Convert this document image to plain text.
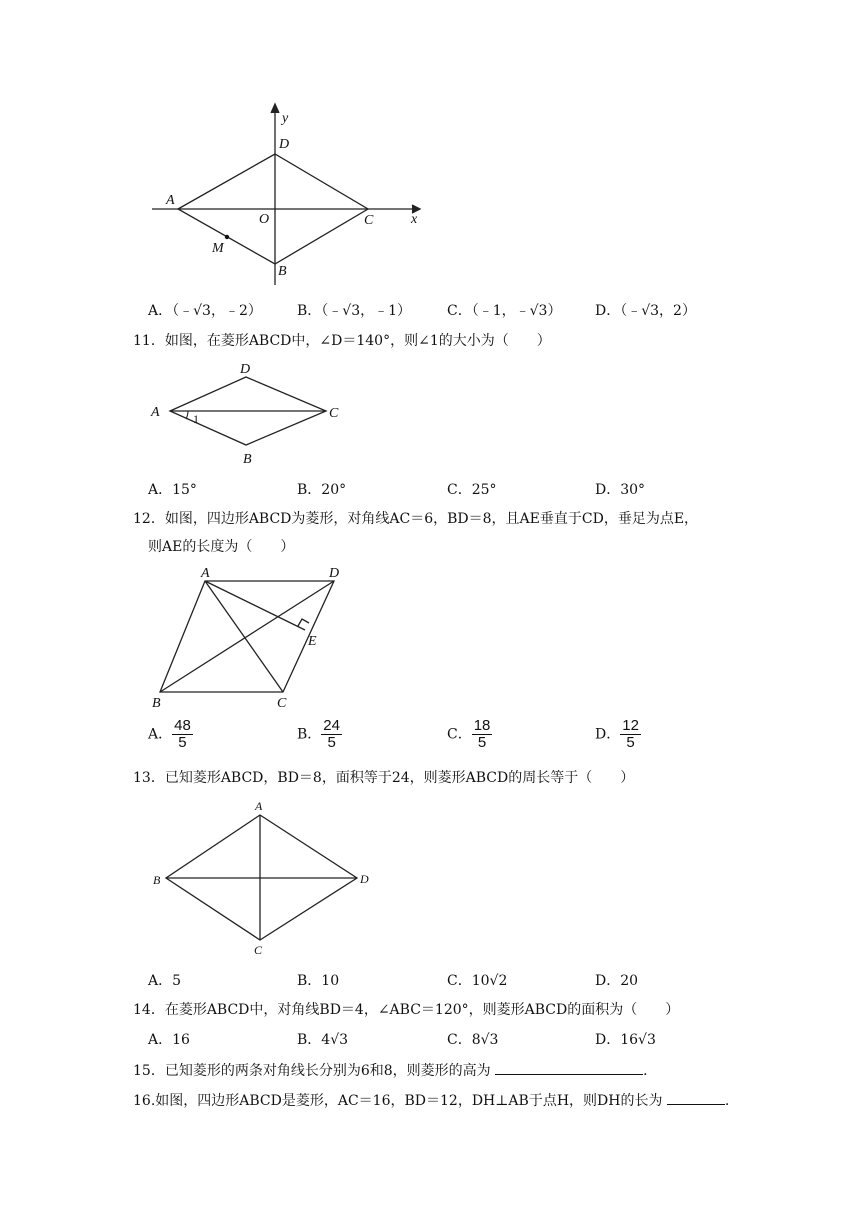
y
x
A
D
O	C
M
B
A．（﹣√3，﹣2）	B．（﹣√3，﹣1）	C．（﹣1，﹣√3） D．（﹣√3，2）
11．如图，在菱形ABCD中，∠D＝140°，则∠1的大小为（　　）
A
D
C
B
1
A．15°	B．20°	C．25°	D．30°
12．如图，四边形ABCD为菱形，对角线AC＝6，BD＝8，且AE垂直于CD，垂足为点E，
则AE的长度为（　　）
A	D
E
B	C
A． $\frac{48}{5}$	B． $\frac{24}{5}$	C． $\frac{18}{5}$	D． $\frac{12}{5}$
13．已知菱形ABCD，BD＝8，面积等于24，则菱形ABCD的周长等于（　　）
A
B	D
C
A．5	B．10	C．10√2	D．20
14．在菱形ABCD中，对角线BD＝4，∠ABC＝120°，则菱形ABCD的面积为（　　）
A．16	B．4√3	C．8√3	D．16√3
15．已知菱形的两条对角线长分别为6和8，则菱形的高为	．
16.如图，四边形ABCD是菱形，AC＝16，BD＝12，DH⊥AB于点H，则DH的长为	.
